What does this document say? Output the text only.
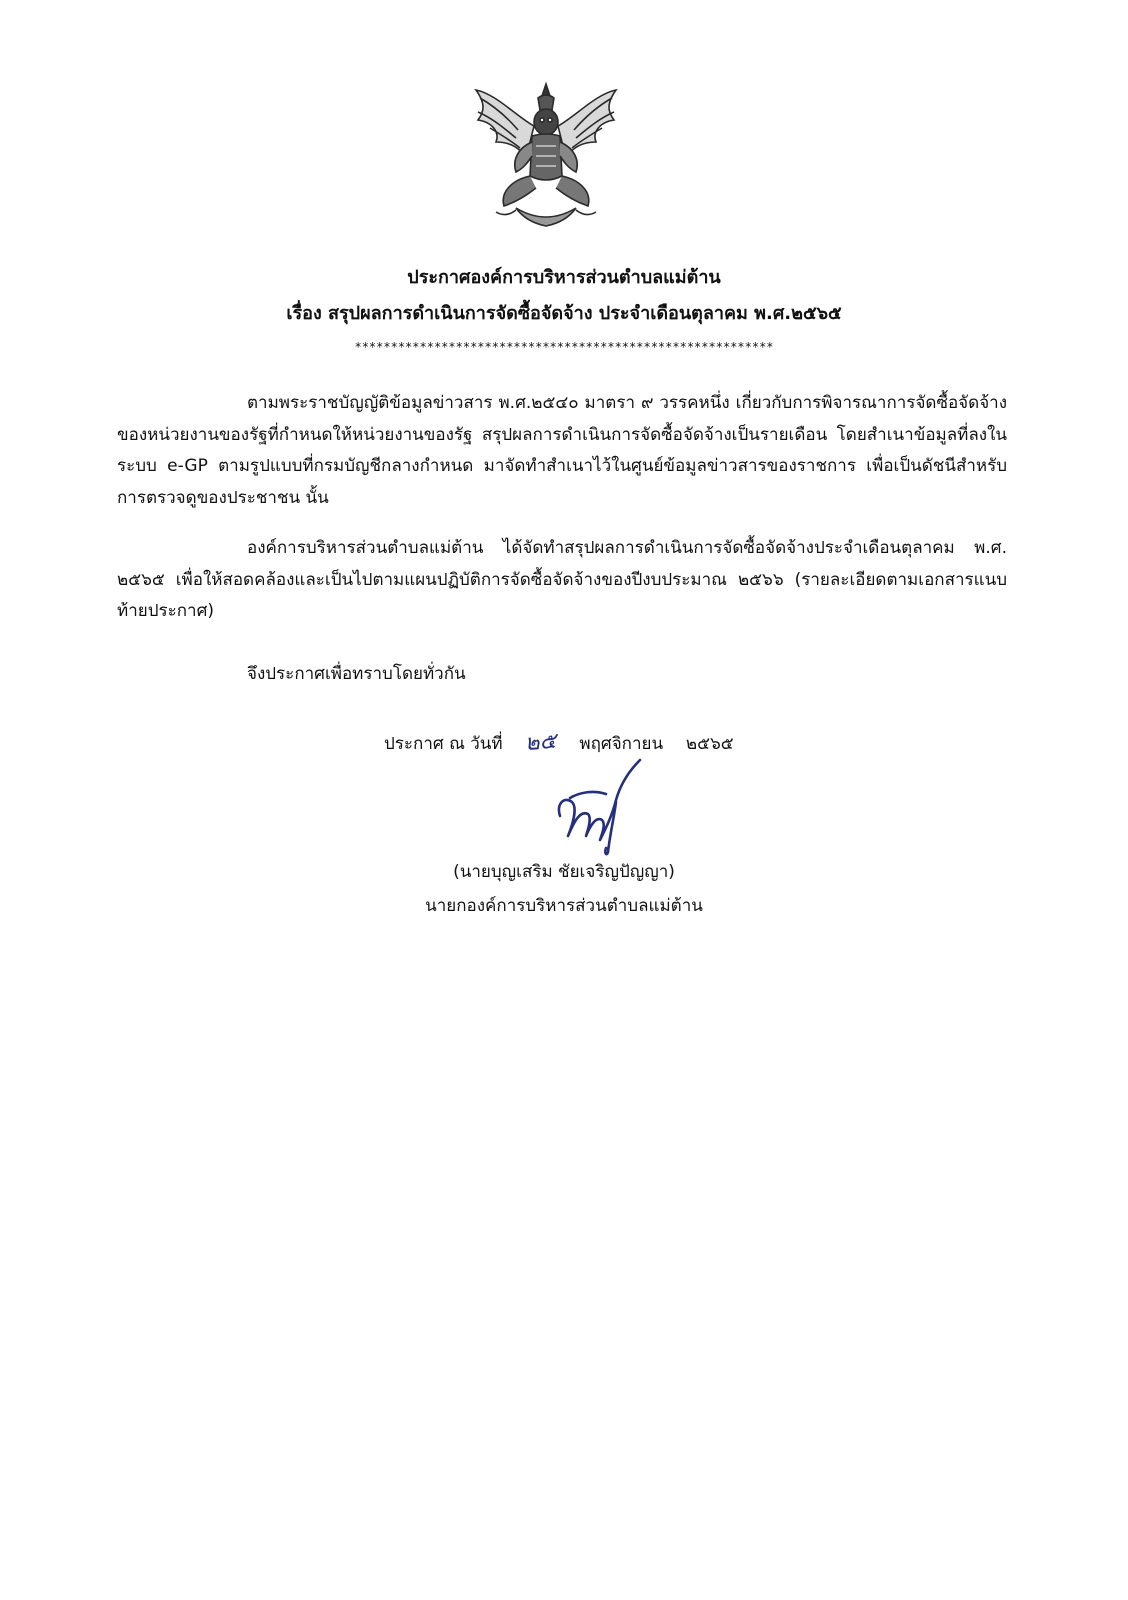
ประกาศองค์การบริหารส่วนตำบลแม่ต้าน
เรื่อง สรุปผลการดำเนินการจัดซื้อจัดจ้าง ประจำเดือนตุลาคม พ.ศ.๒๕๖๕
**********************************************************
ตามพระราชบัญญัติข้อมูลข่าวสาร พ.ศ.๒๕๔๐ มาตรา ๙ วรรคหนึ่ง เกี่ยวกับการพิจารณาการจัดซื้อจัดจ้างของหน่วยงานของรัฐที่กำหนดให้หน่วยงานของรัฐ สรุปผลการดำเนินการจัดซื้อจัดจ้างเป็นรายเดือน โดยสำเนาข้อมูลที่ลงในระบบ e-GP ตามรูปแบบที่กรมบัญชีกลางกำหนด มาจัดทำสำเนาไว้ในศูนย์ข้อมูลข่าวสารของราชการ เพื่อเป็นดัชนีสำหรับการตรวจดูของประชาชน นั้น
องค์การบริหารส่วนตำบลแม่ต้าน ได้จัดทำสรุปผลการดำเนินการจัดซื้อจัดจ้างประจำเดือนตุลาคม พ.ศ. ๒๕๖๕ เพื่อให้สอดคล้องและเป็นไปตามแผนปฏิบัติการจัดซื้อจัดจ้างของปีงบประมาณ ๒๕๖๖ (รายละเอียดตามเอกสารแนบท้ายประกาศ)
จึงประกาศเพื่อทราบโดยทั่วกัน
ประกาศ ณ วันที่ ๒๕ พฤศจิกายน ๒๕๖๕
(นายบุญเสริม ชัยเจริญปัญญา)
นายกองค์การบริหารส่วนตำบลแม่ต้าน
